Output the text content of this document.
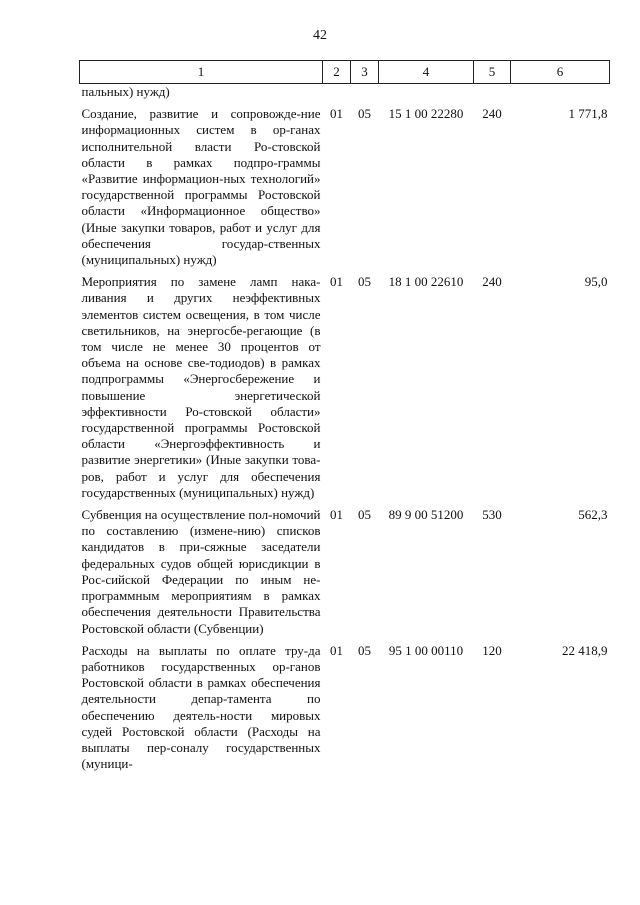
42
1	2	3	4	5	6
пальных) нужд)					
Создание, развитие и сопровожде-ние информационных систем в ор-ганах исполнительной власти Ро-стовской области в рамках подпро-граммы «Развитие информацион-ных технологий» государственной программы Ростовской области «Информационное общество» (Иные закупки товаров, работ и услуг для обеспечения государ-ственных (муниципальных) нужд)	01	05	15 1 00 22280	240	1 771,8
Мероприятия по замене ламп нака-ливания и других неэффективных элементов систем освещения, в том числе светильников, на энергосбе-регающие (в том числе не менее 30 процентов от объема на основе све-тодиодов) в рамках подпрограммы «Энергосбережение и повышение энергетической эффективности Ро-стовской области» государственной программы Ростовской области «Энергоэффективность и развитие энергетики» (Иные закупки това-ров, работ и услуг для обеспечения государственных (муниципальных) нужд)	01	05	18 1 00 22610	240	95,0
Субвенция на осуществление пол-номочий по составлению (измене-нию) списков кандидатов в при-сяжные заседатели федеральных судов общей юрисдикции в Рос-сийской Федерации по иным не-программным мероприятиям в рамках обеспечения деятельности Правительства Ростовской области (Субвенции)	01	05	89 9 00 51200	530	562,3
Расходы на выплаты по оплате тру-да работников государственных ор-ганов Ростовской области в рамках обеспечения деятельности депар-тамента по обеспечению деятель-ности мировых судей Ростовской области (Расходы на выплаты пер-соналу государственных (муници-	01	05	95 1 00 00110	120	22 418,9
